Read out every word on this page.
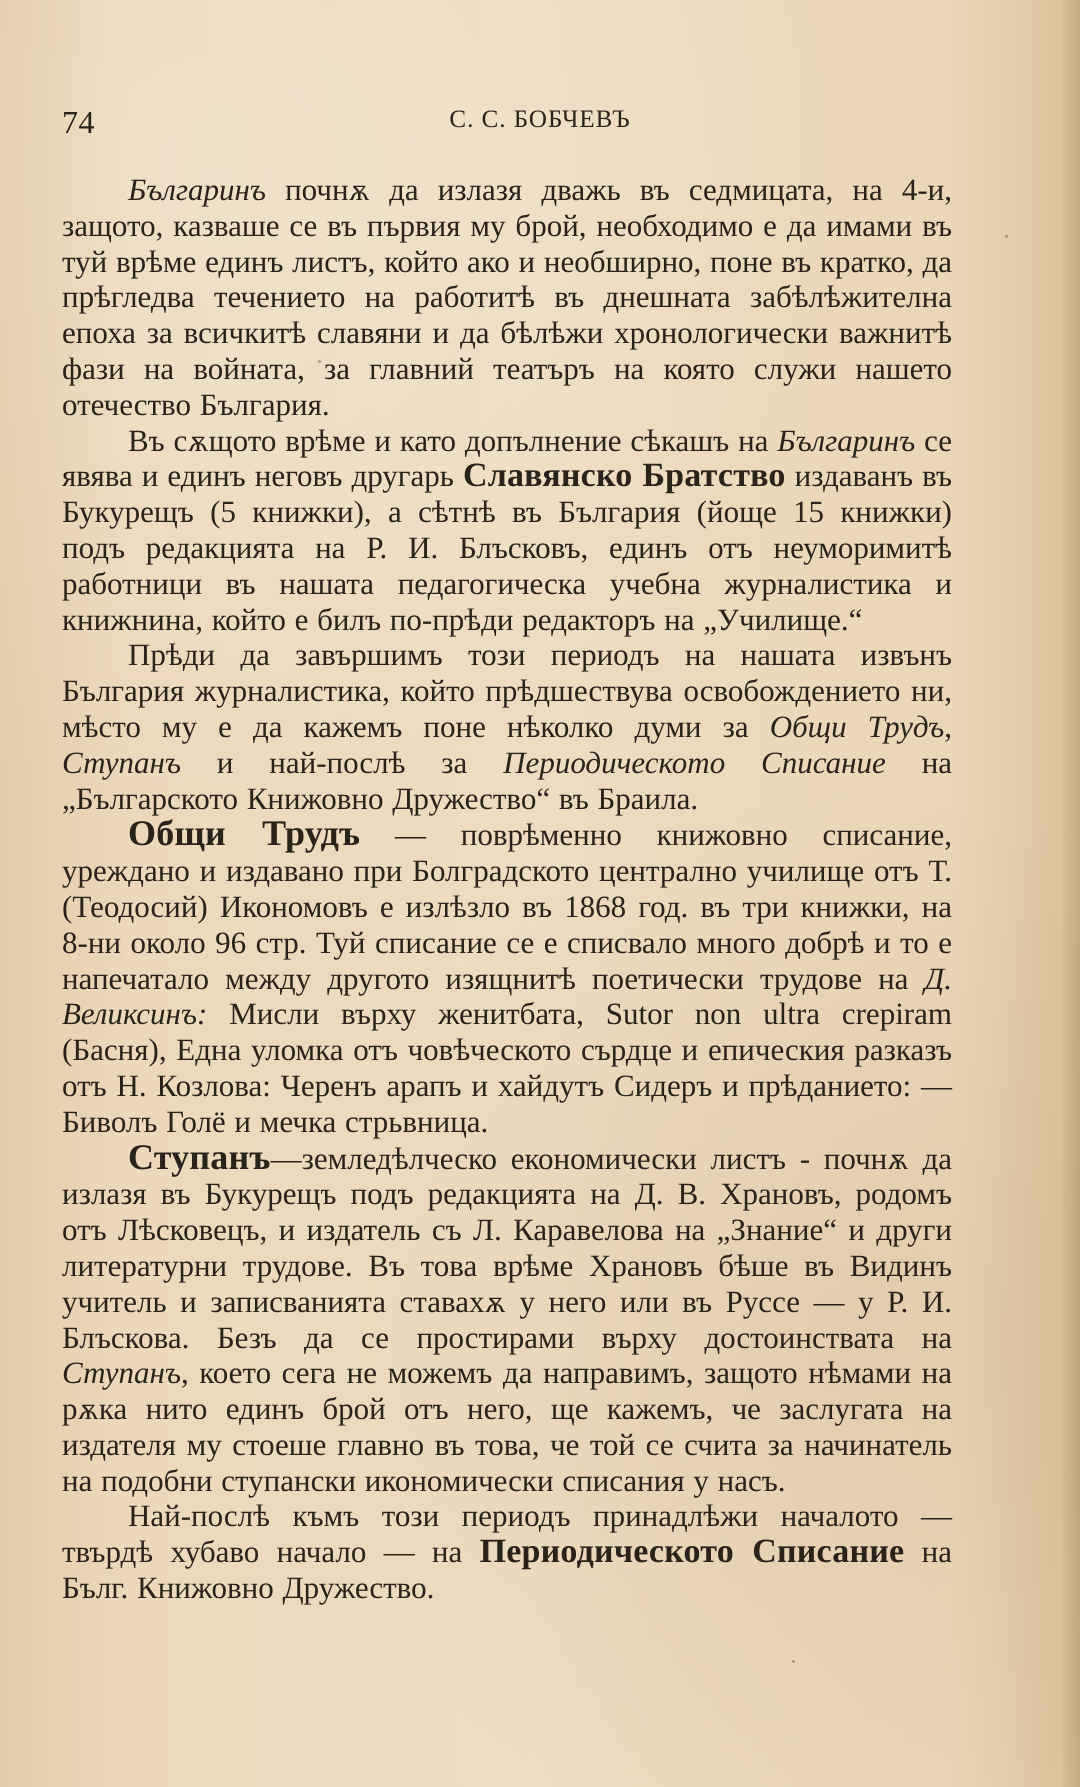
74	С. С. БОБЧЕВЪ

Българинъ почнѫ да излазя дважь въ седмицата, на 4-и, защото, казваше се въ първия му брой, необходимо е да имами въ туй врѣме единъ листъ, който ако и необширно, поне въ кратко, да прѣгледва течението на работитѣ въ днешната забѣлѣжителна епоха за всичкитѣ славяни и да бѣлѣжи хронологически важнитѣ фази на войната, за главний театъръ на която служи нашето отечество България.

Въ сѫщото врѣме и като допълнение сѣкашъ на Българинъ се явява и единъ неговъ другарь Славянско Братство издаванъ въ Букурещъ (5 книжки), а сѣтнѣ въ България (йоще 15 книжки) подъ редакцията на Р. И. Блъсковъ, единъ отъ неуморимитѣ работници въ нашата педагогическа учебна журналистика и книжнина, който е билъ по-прѣди редакторъ на „Училище.“

Прѣди да завършимъ този периодъ на нашата извънъ България журналистика, който прѣдшествува освобождението ни, мѣсто му е да кажемъ поне нѣколко думи за Общи Трудъ, Ступанъ и най-послѣ за Периодическото Списание на „Българското Книжовно Дружество“ въ Браила.

Общи Трудъ — поврѣменно книжовно списание, уреждано и издавано при Болградското централно училище отъ Т. (Теодосий) Икономовъ е излѣзло въ 1868 год. въ три книжки, на 8-ни около 96 стр. Туй списание се е списвало много добрѣ и то е напечатало между другото изящнитѣ поетически трудове на Д. Великсинъ: Мисли върху женитбата, Sutor non ultra crepiram (Басня), Една уломка отъ човѣческото сърдце и епическия разказъ отъ Н. Козлова: Черенъ арапъ и хайдутъ Сидеръ и прѣданието: — Биволъ Голё и мечка стрьвница.

Ступанъ—земледѣлческо економически листъ - почнѫ да излазя въ Букурещъ подъ редакцията на Д. В. Храновъ, родомъ отъ Лѣсковецъ, и издатель съ Л. Каравелова на „Знание“ и други литературни трудове. Въ това врѣме Храновъ бѣше въ Видинъ учитель и записванията ставахѫ у него или въ Руссе — у Р. И. Блъскова. Безъ да се простирами върху достоинствата на Ступанъ, което сега не можемъ да направимъ, защото нѣмами на рѫка нито единъ брой отъ него, ще кажемъ, че заслугата на издателя му стоеше главно въ това, че той се счита за начинатель на подобни ступански икономически списания у насъ.

Най-послѣ къмъ този периодъ принадлѣжи началото — твърдѣ хубаво начало — на Периодическото Списание на Бълг. Книжовно Дружество.
